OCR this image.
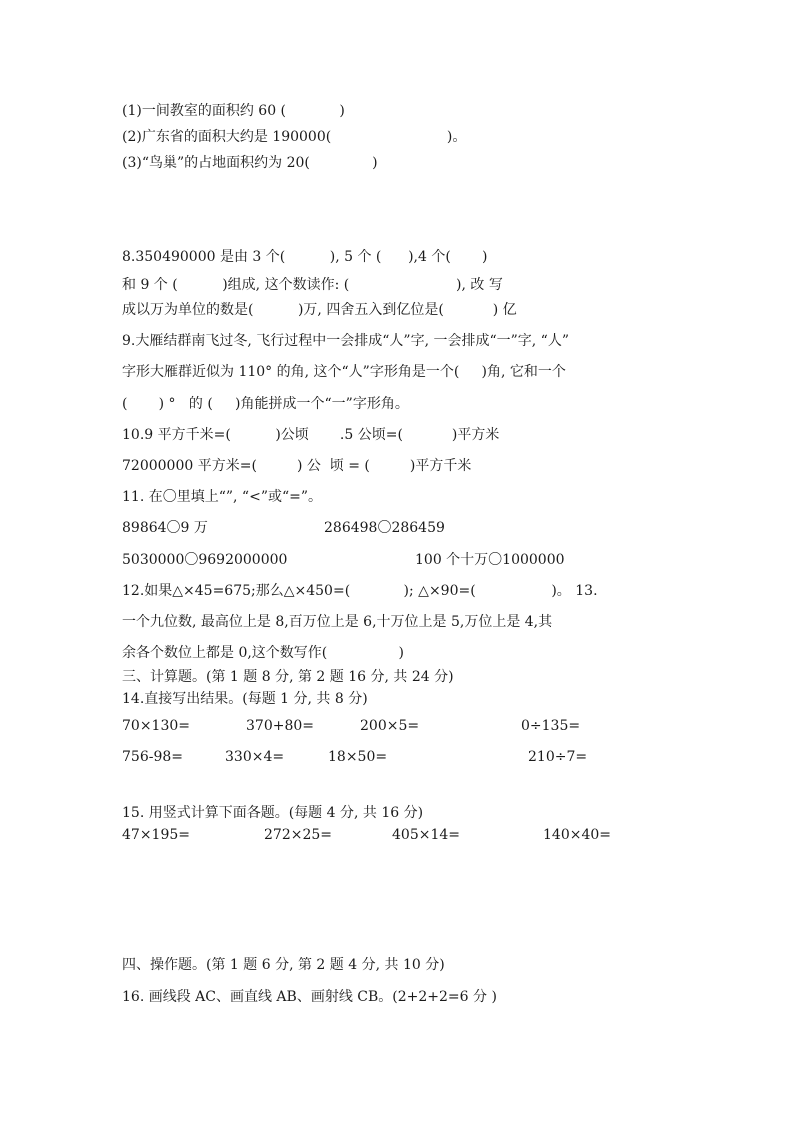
(1)一间教室的面积约 60 (            )
(2)广东省的面积大约是 190000(                          )。
(3)“鸟巢”的占地面积约为 20(              )
8.350490000 是由 3 个(          ), 5 个 (      ),4 个(       )
和 9 个 (          )组成, 这个数读作: (                        ), 改 写
成以万为单位的数是(          )万, 四舍五入到亿位是(           ) 亿
9.大雁结群南飞过冬, 飞行过程中一会排成“人”字, 一会排成“一”字, “人”
字形大雁群近似为 110° 的角, 这个“人”字形角是一个(     )角, 它和一个
(       ) °   的 (     )角能拼成一个“一”字形角。
10.9 平方千米=(          )公顷       .5 公顷=(           )平方米
72000000 平方米=(         ) 公  顷 = (         )平方千米
11. 在〇里填上“”, “<”或“=”。
89864〇9 万	286498〇286459
5030000〇9692000000	100 个十万〇1000000
12.如果△×45=675;那么△×450=(            ); △×90=(                 )。 13.
一个九位数, 最高位上是 8,百万位上是 6,十万位上是 5,万位上是 4,其
余各个数位上都是 0,这个数写作(                )
三、计算题。(第 1 题 8 分, 第 2 题 16 分, 共 24 分)
14.直接写出结果。(每题 1 分, 共 8 分)
70×130=	370+80=	200×5=	0÷135=
756-98=	330×4=	18×50=	210÷7=
15. 用竖式计算下面各题。(每题 4 分, 共 16 分)
47×195=	272×25=	405×14=	140×40=
四、操作题。(第 1 题 6 分, 第 2 题 4 分, 共 10 分)
16. 画线段 AC、画直线 AB、画射线 CB。(2+2+2=6 分 )
